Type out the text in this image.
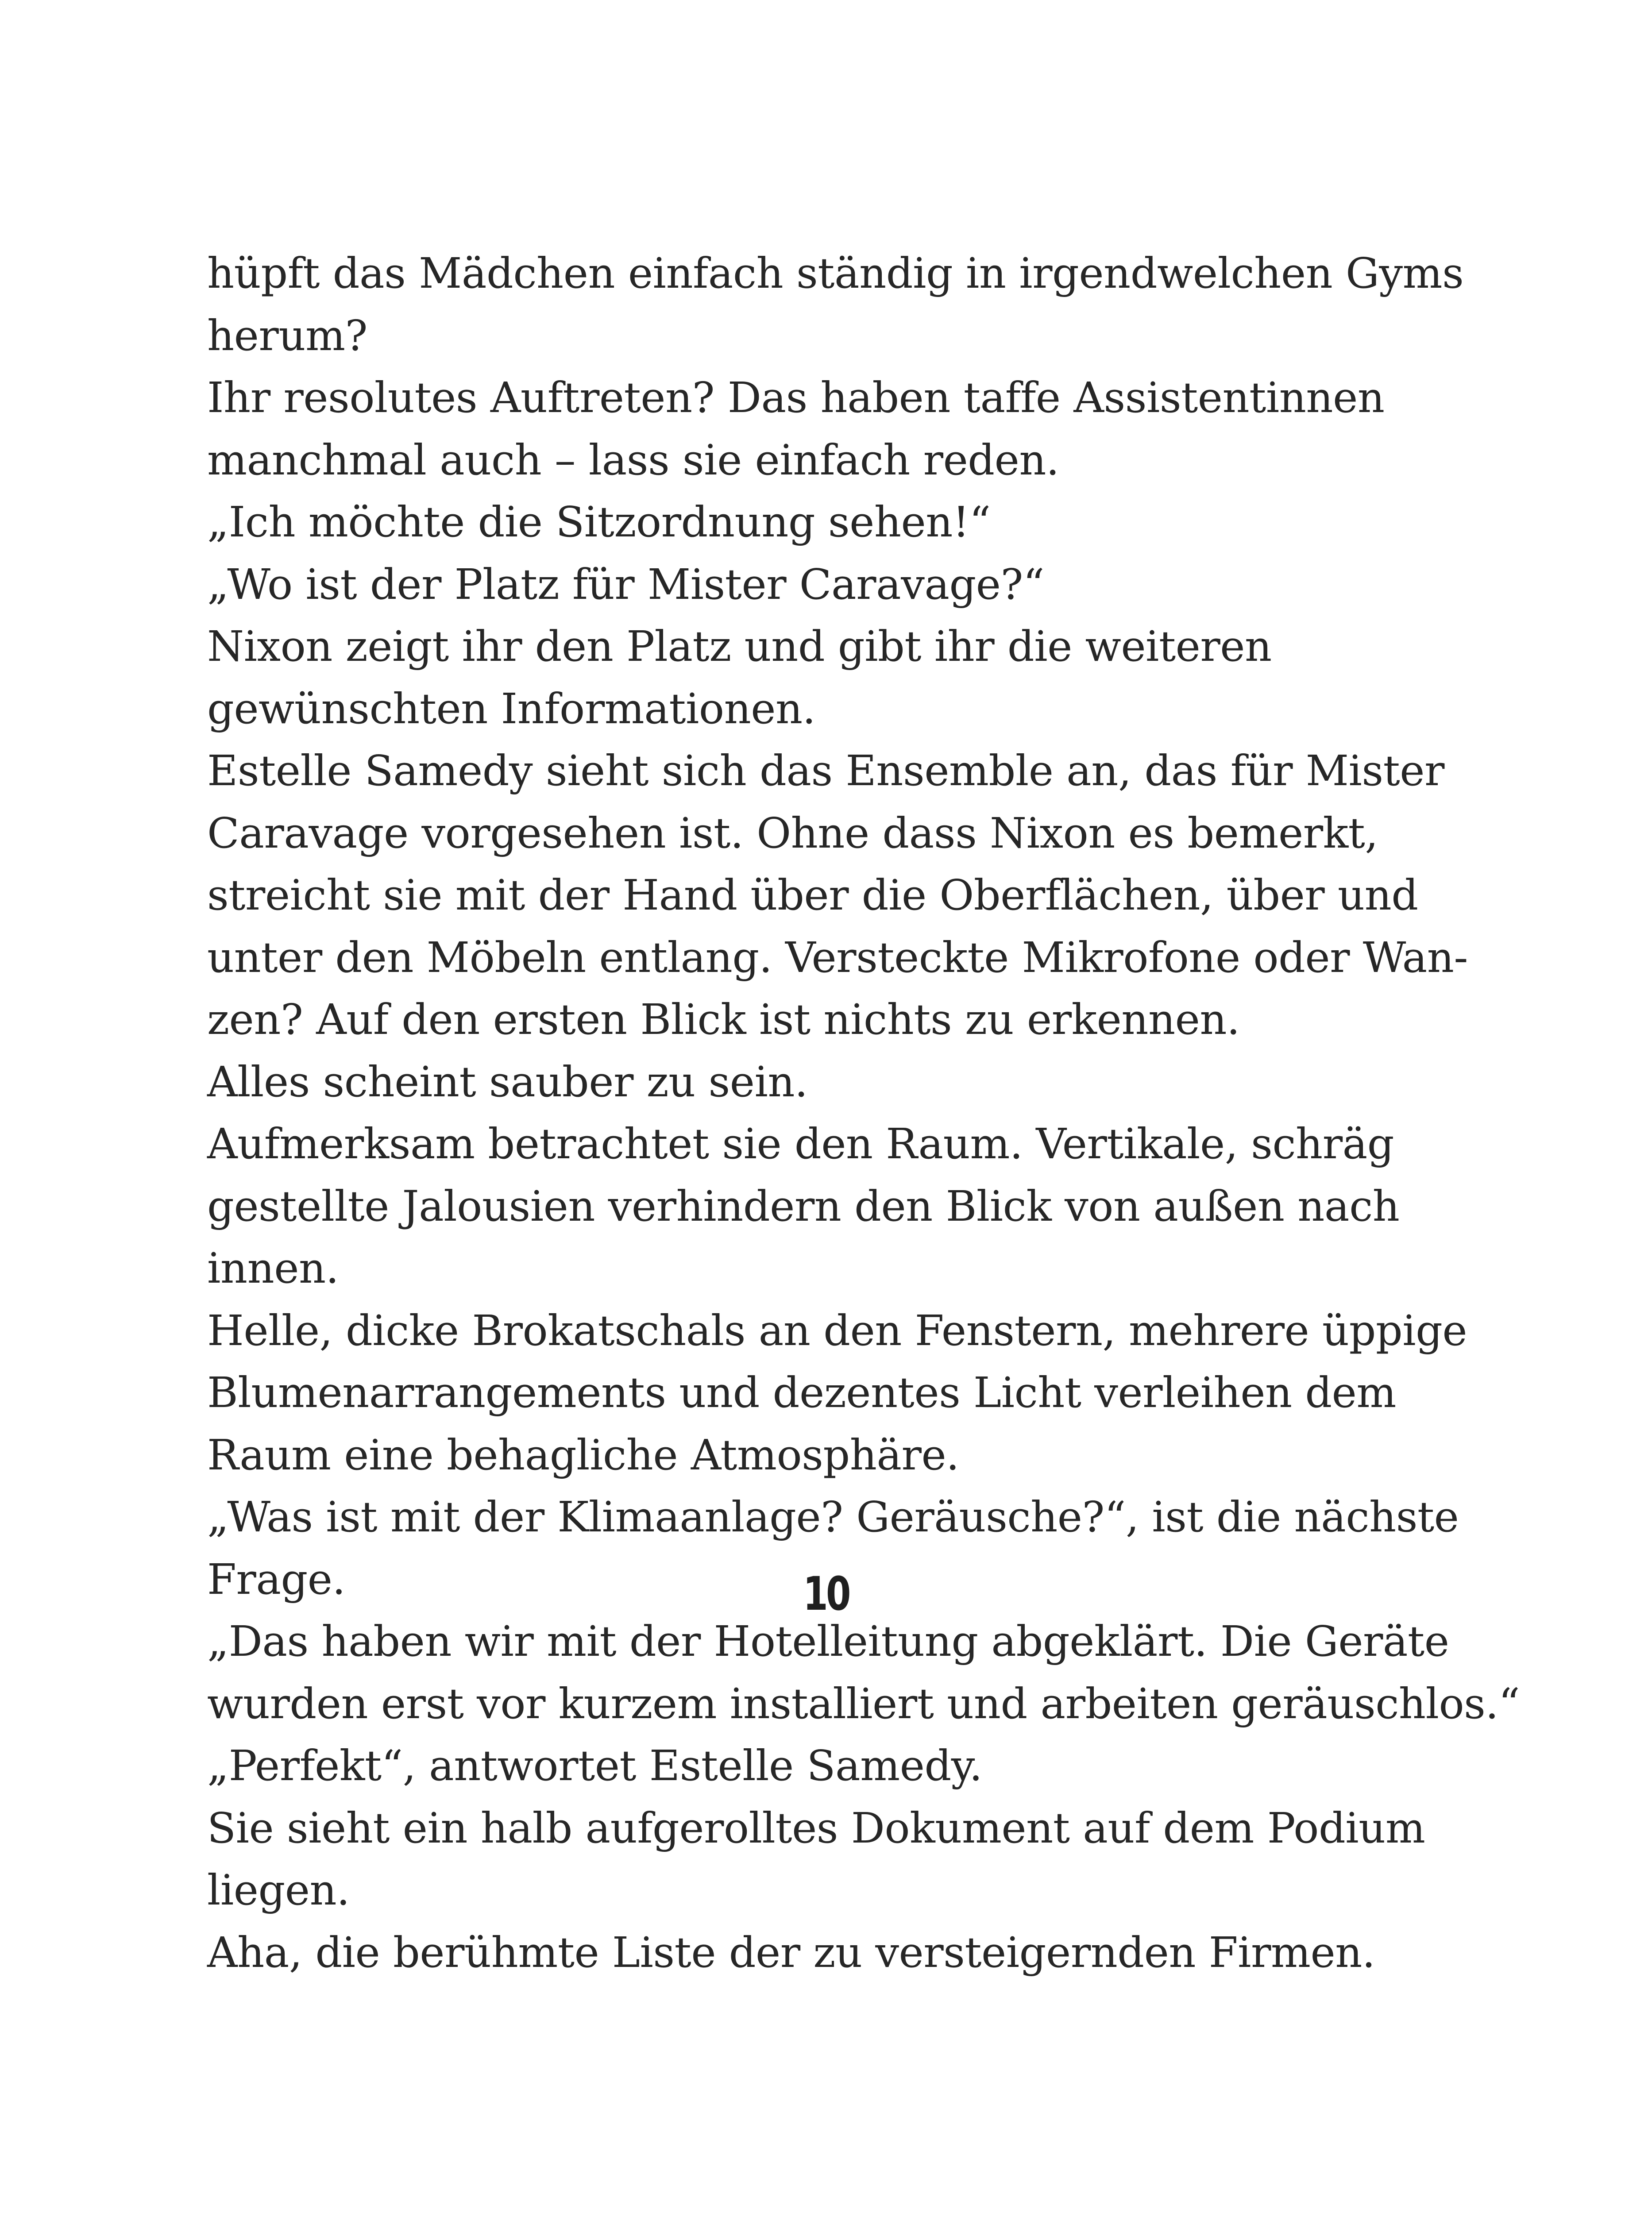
hüpft das Mädchen einfach ständig in irgendwelchen Gyms
herum?
Ihr resolutes Auftreten? Das haben taffe Assistentinnen
manchmal auch – lass sie einfach reden.
„Ich möchte die Sitzordnung sehen!“
„Wo ist der Platz für Mister Caravage?“
Nixon zeigt ihr den Platz und gibt ihr die weiteren
gewünschten Informationen.
Estelle Samedy sieht sich das Ensemble an, das für Mister
Caravage vorgesehen ist. Ohne dass Nixon es bemerkt,
streicht sie mit der Hand über die Oberflächen, über und
unter den Möbeln entlang. Versteckte Mikrofone oder Wan-
zen? Auf den ersten Blick ist nichts zu erkennen.
Alles scheint sauber zu sein.
Aufmerksam betrachtet sie den Raum. Vertikale, schräg
gestellte Jalousien verhindern den Blick von außen nach
innen.
Helle, dicke Brokatschals an den Fenstern, mehrere üppige
Blumenarrangements und dezentes Licht verleihen dem
Raum eine behagliche Atmosphäre.
„Was ist mit der Klimaanlage? Geräusche?“, ist die nächste
Frage.
„Das haben wir mit der Hotelleitung abgeklärt. Die Geräte
wurden erst vor kurzem installiert und arbeiten geräuschlos.“
„Perfekt“, antwortet Estelle Samedy.
Sie sieht ein halb aufgerolltes Dokument auf dem Podium
liegen.
Aha, die berühmte Liste der zu versteigernden Firmen.
10
